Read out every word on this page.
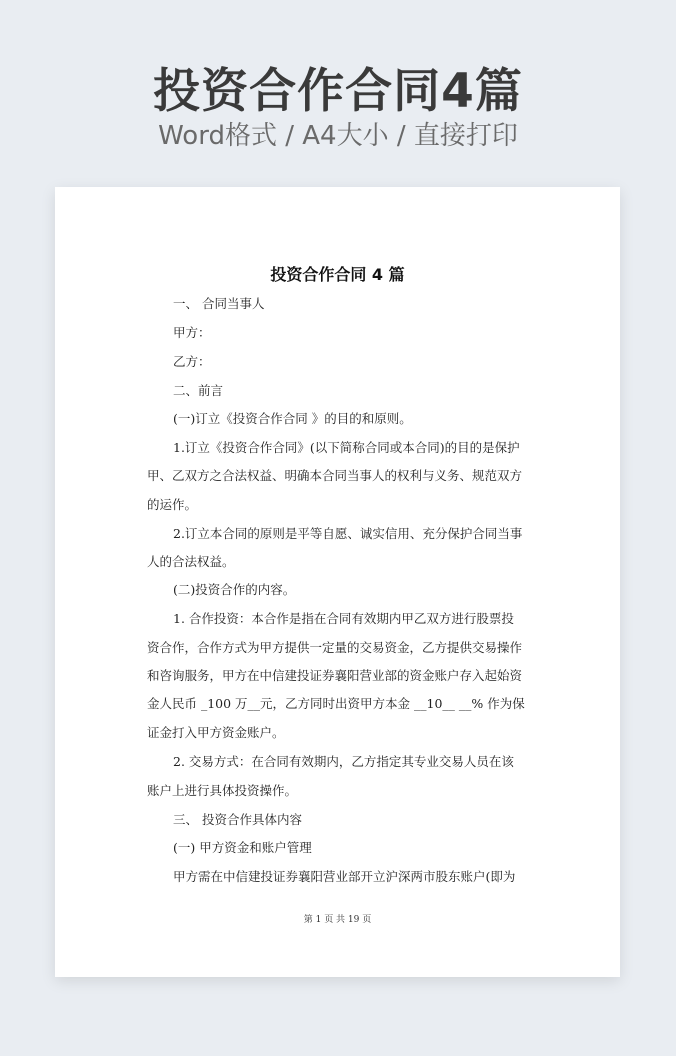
投资合作合同4篇
Word格式 / A4大小 / 直接打印
投资合作合同 4 篇
一、 合同当事人
甲方：
乙方：
二、前言
(一)订立《投资合作合同 》的目的和原则。
1.订立《投资合作合同》(以下简称合同或本合同)的目的是保护
甲、乙双方之合法权益、明确本合同当事人的权利与义务、规范双方
的运作。
2.订立本合同的原则是平等自愿、诚实信用、充分保护合同当事
人的合法权益。
(二)投资合作的内容。
1. 合作投资：本合作是指在合同有效期内甲乙双方进行股票投
资合作，合作方式为甲方提供一定量的交易资金，乙方提供交易操作
和咨询服务，甲方在中信建投证券襄阳营业部的资金账户存入起始资
金人民币 _100 万__元，乙方同时出资甲方本金 __10__ __% 作为保
证金打入甲方资金账户。
2. 交易方式：在合同有效期内，乙方指定其专业交易人员在该
账户上进行具体投资操作。
三、 投资合作具体内容
(一) 甲方资金和账户管理
甲方需在中信建投证券襄阳营业部开立沪深两市股东账户(即为
第 1 页 共 19 页
